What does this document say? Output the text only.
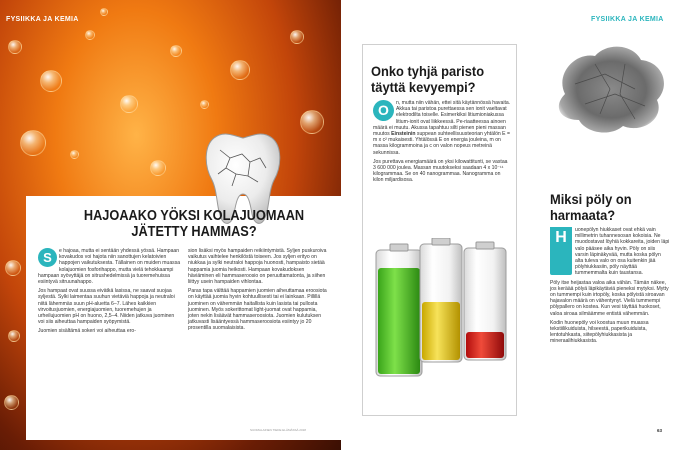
FYSIIKKA JA KEMIA
HAJOAAKO YÖKSI KOLAJUOMAAN
JÄTETTY HAMMAS?

S	e hajoaa, mutta ei sentään yhdessä yössä. Hampaan kovakudos voi hajota niin sanottujen kelatoivien happojen vaikutuksesta. Tällainen on muiden muassa kolajuomien fosforihappo, mutta vielä tehokkaampi hampaan syövyttäjä on sitrushedelmissä ja tuoremehuissa esiintyvä sitruunahappo.

Jos hampaat ovat suussa eivätkä lasissa, ne saavat suojaa syljestä. Sylki laimentaa suuhun vietäviä happoja ja neutraloi niitä lähemmäs suun pH-aluetta 6–7. Lähes kaikkien virvoitusjuomien, energiajuomien, tuoremehujen ja urheilujuomien pH on huono, 2,5–4. Niiden jatkuva juominen voi siis aiheuttaa hampaiden syöpymistä.

Juomien sisältämä sokeri voi aiheuttaa ero-

sion lisäksi myös hampaiden reikiintymistä. Syljen puskuroiva vaikutus vaihtelee henkilöstä toiseen. Jos syljen erityo on niukkaa ja sylki neutraloi happoja huonosti, hampaisto sietää happamia juomia heikosti. Hampaan kovakudoksen häviäminen eli hammaseroosio on peruuttamatonta, ja siihen liittyy usein hampaiden vihlontaa.

Paras tapa välttää happamien juomien aiheuttamaa eroosiota on käyttää juomia hyvin kohtuullisesti tai ei lainkaan. Pillillä juominen on vähemmän haitallista kuin lasista tai pullosta juominen. Myös sokerittomat light-juomat ovat happamia, joten nekin lisäävät hammaseroosiota. Juomien kulutuksen jatkuvasti lisääntyessä hammaseroosiota esiintyy jo 20 prosentilla suomalaisista.

SUOMALAINEN TIEDE ELÄMÄSSÄ 2018
FYSIIKKA JA KEMIA
Onko tyhjä paristo
täyttä kevyempi?

O	n, mutta niin vähän, ettei sitä käytännössä havaita. Akkua tai paristoa purettaessa sen ionit vaeltavat elektrodilta toiselle. Esimerkiksi litiumioniakussa litium-ionit ovat liikkeessä. Pe-riaatteessa ainoen määrä ei muutu. Akussa tapahtuu silti pienen pieni massan muutos Einsteinin suppean suhteellisuusteorian yhtälön E = m x c² mukaisesti. Yhtälössä E on energia jouleina, m on massa kilogrammoina ja c on valon nopeus metreinä sekunnissa.

Jos purettava energiamäärä on yksi kilowattitunti, se vastaa 3 600 000 joulea. Massan muutokseksi saadaan 4 x 10⁻¹¹ kilogrammaa. Se on 40 nanogrammaa. Nanogramma on kilon miljardisosa.

Miksi pöly on
harmaata?

H	uonepölyn hiukkaset ovat ehkä vain millimetrin tuhannesosan kokoisia. Ne muodostavat löyhiä kokkareita, joiden läpi valo pääsee aika hyvin. Pöly on siis varsin läpinäkyvää, mutta koska pölyn alta tuleva valo on osa kuitenkin jää pölyhiukkasiin, pöly näyttää tummemmalta kuin taustansa.

Pöly itse heijastaa valoa aika vähän. Tämän näkee, jos keräää pölyä läpikäytäviä pieneksi mytyksi. Mytty on tummempi kuin irtopöly, koska pölyistä siroavan hajavalon määrä on vähentynyt. Vielä tummempi pölypallero on kostea. Kun vesi täyttää huokoset, valoa siroaa silmäämme entistä vähemmän.

Kodin huonepöly voi koostua muun muassa tekstiilikuiduista, hilseestä, paperikuiduista, lentotuhkasta, siitepölyhiukkasista ja mineraalihiukkasista.

63
